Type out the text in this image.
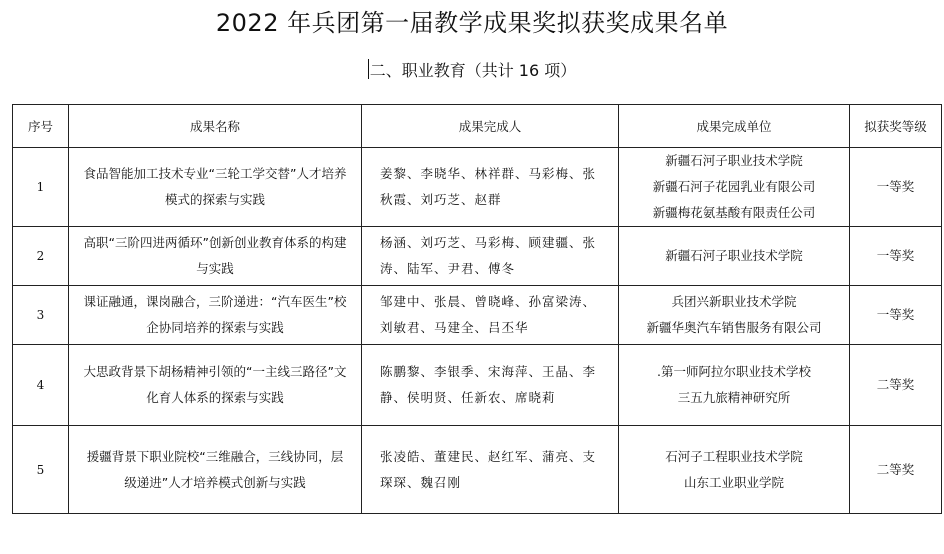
2022 年兵团第一届教学成果奖拟获奖成果名单
二、职业教育（共计 16 项）
序号	成果名称	成果完成人	成果完成单位	拟获奖等级
1	食品智能加工技术专业“三轮工学交替”人才培养模式的探索与实践	姜黎、李晓华、林祥群、马彩梅、张秋霞、刘巧芝、赵群	新疆石河子职业技术学院
新疆石河子花园乳业有限公司
新疆梅花氨基酸有限责任公司	一等奖
2	高职“三阶四进两循环”创新创业教育体系的构建与实践	杨涵、刘巧芝、马彩梅、顾建疆、张涛、陆军、尹君、傅冬	新疆石河子职业技术学院	一等奖
3	课证融通，课岗融合，三阶递进：“汽车医生”校企协同培养的探索与实践	邹建中、张晨、曾晓峰、孙富梁涛、刘敏君、马建全、吕丕华	兵团兴新职业技术学院
新疆华奥汽车销售服务有限公司	一等奖
4	大思政背景下胡杨精神引领的“一主线三路径”文化育人体系的探索与实践	陈鹏黎、李银季、宋海萍、王晶、李静、侯明贤、任新农、席晓莉	.第一师阿拉尔职业技术学校
三五九旅精神研究所	二等奖
5	援疆背景下职业院校“三维融合，三线协同，层级递进”人才培养模式创新与实践	张凌皓、董建民、赵红军、蒲亮、支琛琛、魏召刚	石河子工程职业技术学院
山东工业职业学院	二等奖
